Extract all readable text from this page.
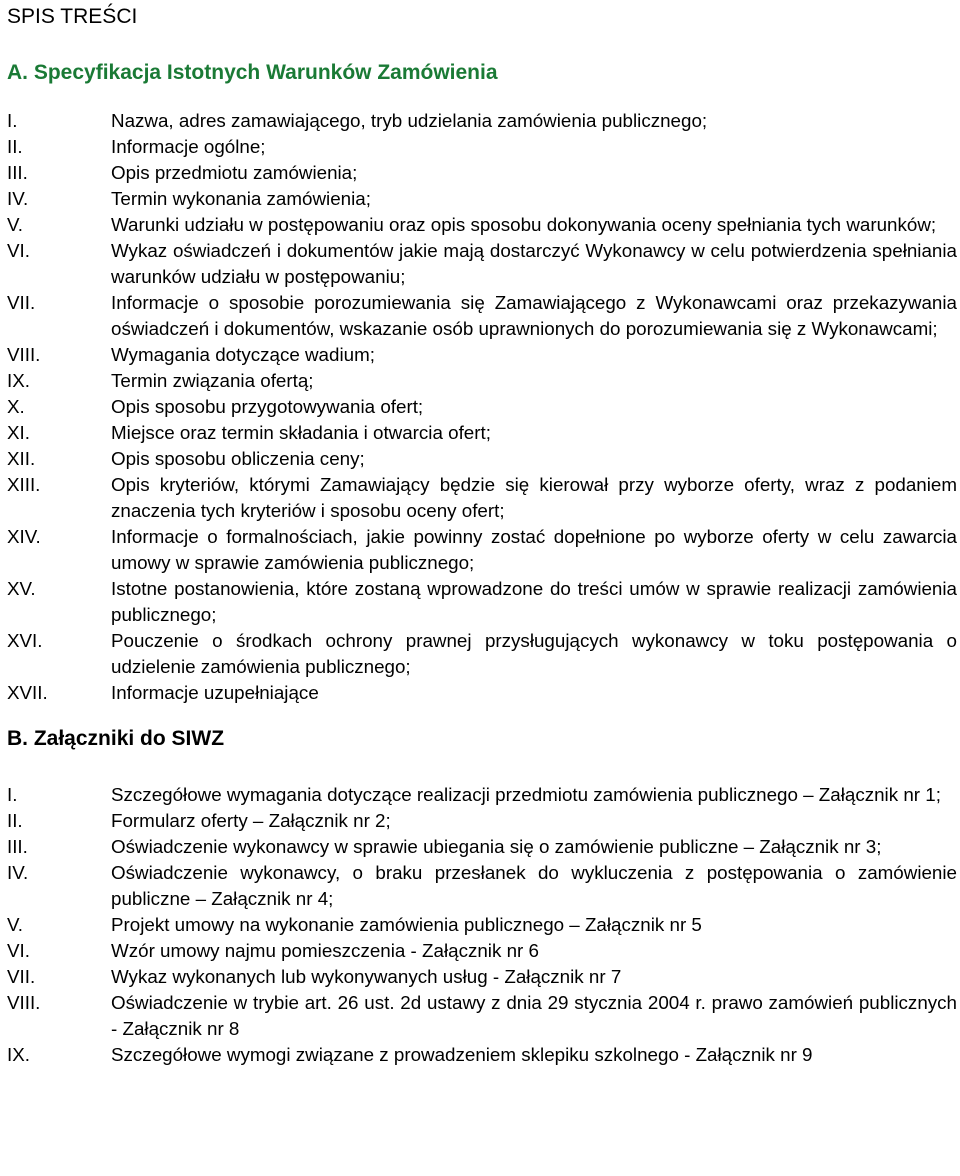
SPIS TREŚCI
A. Specyfikacja Istotnych Warunków Zamówienia
I.	Nazwa, adres zamawiającego, tryb udzielania zamówienia publicznego;
II.	Informacje ogólne;
III.	Opis przedmiotu zamówienia;
IV.	Termin wykonania zamówienia;
V.	Warunki udziału w postępowaniu oraz opis sposobu dokonywania oceny spełniania tych warunków;
VI.	Wykaz oświadczeń i dokumentów jakie mają dostarczyć Wykonawcy w celu potwierdzenia spełniania warunków udziału w postępowaniu;
VII.	Informacje o sposobie porozumiewania się Zamawiającego z Wykonawcami oraz przekazywania oświadczeń i dokumentów, wskazanie osób uprawnionych do porozumiewania się z Wykonawcami;
VIII.	Wymagania dotyczące wadium;
IX.	Termin związania ofertą;
X.	Opis sposobu przygotowywania ofert;
XI.	Miejsce oraz termin składania i otwarcia ofert;
XII.	Opis sposobu obliczenia ceny;
XIII.	Opis kryteriów, którymi Zamawiający będzie się kierował przy wyborze oferty, wraz z podaniem znaczenia tych kryteriów i sposobu oceny ofert;
XIV.	Informacje o formalnościach, jakie powinny zostać dopełnione po wyborze oferty w celu zawarcia umowy w sprawie zamówienia publicznego;
XV.	Istotne postanowienia, które zostaną wprowadzone do treści umów w sprawie realizacji zamówienia publicznego;
XVI.	Pouczenie o środkach ochrony prawnej przysługujących wykonawcy w toku postępowania o udzielenie zamówienia publicznego;
XVII.	Informacje uzupełniające
B. Załączniki do SIWZ
I.	Szczegółowe wymagania dotyczące realizacji przedmiotu zamówienia publicznego – Załącznik nr 1;
II.	Formularz oferty – Załącznik nr 2;
III.	Oświadczenie wykonawcy w sprawie ubiegania się o zamówienie publiczne – Załącznik nr 3;
IV.	Oświadczenie wykonawcy, o braku przesłanek do wykluczenia z postępowania o zamówienie publiczne – Załącznik nr 4;
V.	Projekt umowy na wykonanie zamówienia publicznego – Załącznik nr 5
VI.	Wzór umowy najmu pomieszczenia - Załącznik nr 6
VII.	Wykaz wykonanych lub wykonywanych usług - Załącznik nr 7
VIII.	Oświadczenie w trybie art. 26 ust. 2d ustawy z dnia 29 stycznia 2004 r. prawo zamówień publicznych - Załącznik nr 8
IX.	Szczegółowe wymogi związane z prowadzeniem sklepiku szkolnego - Załącznik nr 9
